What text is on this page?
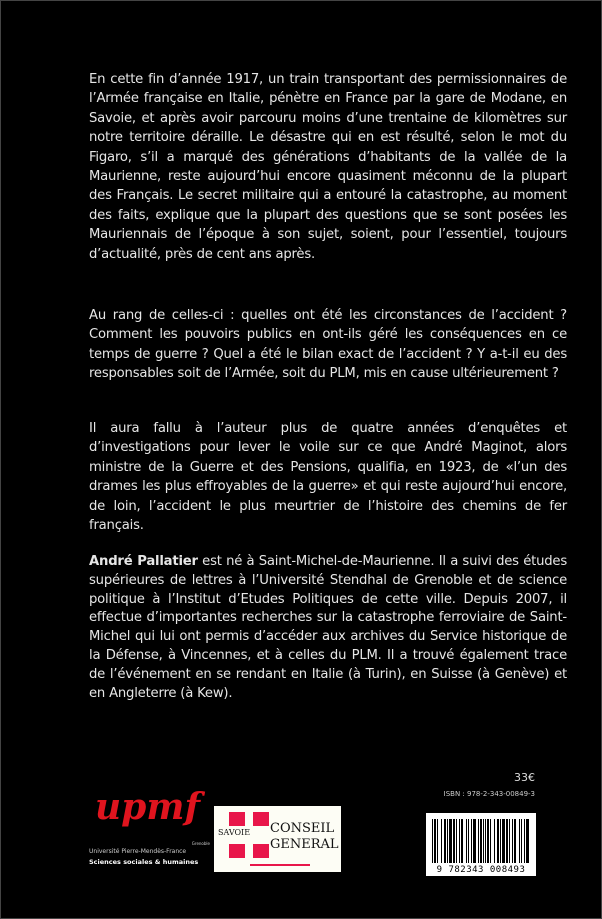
En cette fin d’année 1917, un train transportant des permissionnaires de l’Armée française en Italie, pénètre en France par la gare de Modane, en Savoie, et après avoir parcouru moins d’une trentaine de kilomètres sur notre territoire déraille. Le désastre qui en est résulté, selon le mot du Figaro, s’il a marqué des générations d’habitants de la vallée de la Maurienne, reste aujourd’hui encore quasiment méconnu de la plupart des Français. Le secret militaire qui a entouré la catastrophe, au moment des faits, explique que la plupart des questions que se sont posées les Mauriennais de l’époque à son sujet, soient, pour l’essentiel, toujours d’actualité, près de cent ans après.

Au rang de celles-ci : quelles ont été les circonstances de l’accident ? Comment les pouvoirs publics en ont-ils géré les conséquences en ce temps de guerre ? Quel a été le bilan exact de l’accident ? Y a-t-il eu des responsables soit de l’Armée, soit du PLM, mis en cause ultérieurement ?

Il aura fallu à l’auteur plus de quatre années d’enquêtes et d’investigations pour lever le voile sur ce que André Maginot, alors ministre de la Guerre et des Pensions, qualifia, en 1923, de «l’un des drames les plus effroyables de la guerre» et qui reste aujourd’hui encore, de loin, l’accident le plus meurtrier de l’histoire des chemins de fer français.

André Pallatier est né à Saint-Michel-de-Maurienne. Il a suivi des études supérieures de lettres à l’Université Stendhal de Grenoble et de science politique à l’Institut d’Etudes Politiques de cette ville. Depuis 2007, il effectue d’importantes recherches sur la catastrophe ferroviaire de Saint-Michel qui lui ont permis d’accéder aux archives du Service historique de la Défense, à Vincennes, et à celles du PLM. Il a trouvé également trace de l’événement en se rendant en Italie (à Turin), en Suisse (à Genève) et en Angleterre (à Kew).

upmf
Grenoble
Université Pierre-Mendès-France
Sciences sociales & humaines
SAVOIE CONSEIL GENERAL
33€
ISBN : 978-2-343-00849-3
9 782343 008493
